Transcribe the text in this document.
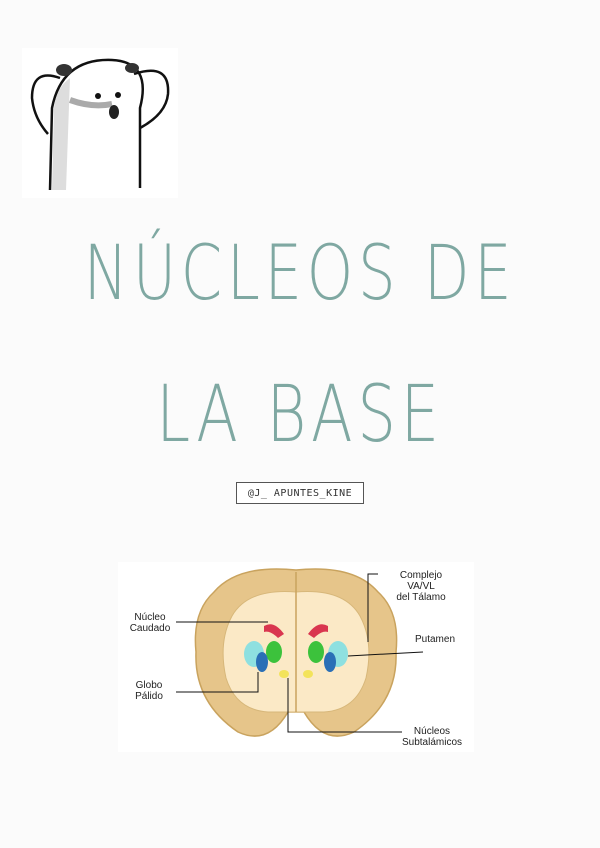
NÚCLEOS DE
LA BASE
@J_ APUNTES_KINE
Complejo
VA/VL
del Tálamo
Núcleo
Caudado
Putamen
Globo
Pálido
Núcleos
Subtalámicos
